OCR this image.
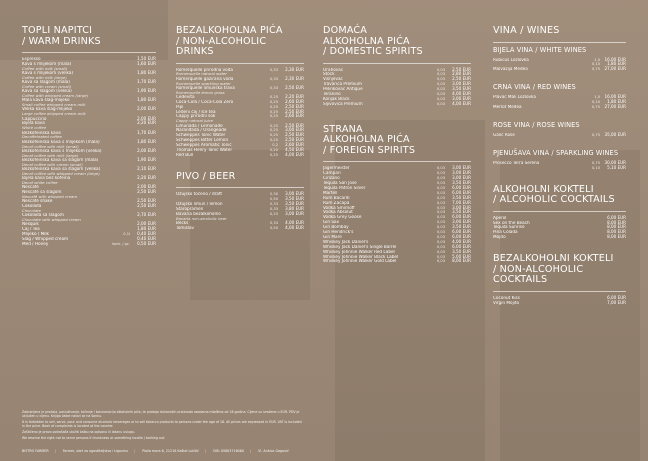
TOPLI NAPITCI
/ WARM DRINKS
Espresso	1,50 EUR
Kava s mlijekom (mala)
Coffee with milk (small)
1,60 EUR
Kava s mlijekom (velika)
Coffee with milk (large)
1,80 EUR
Kava sa šlagom (mala)
Coffee with cream (small)
1,70 EUR
Kava sa šlagom (velika)
Coffee with whipped cream (large)
1,90 EUR
Mala kava šlag-mlijeko
Small coffee whipped cream-milk
1,80 EUR
Velika kava šlag-mlijeko
Large coffee whipped cream-milk
2,00 EUR
Cappuccino	2,00 EUR
Bijela kava
White coffee
2,20 EUR
Bezkofeinska kava
Decaffeinated coffee
1,70 EUR
Bezkofeinska kava s mlijekom (mala)
Decaf coffee with milk (small)
1,80 EUR
Bezkofeinska kava s mlijekom (velika)
Decaf coffee with milk (large)
2,00 EUR
Bezkofeinska kava sa šlagom (mala)
Decaf coffee with cream (small)
1,90 EUR
Bezkofeinska kava sa šlagom (velika)
Decaf coffee with whipped cream (large)
2,10 EUR
Bijela kava bez kofeina
Decaf white coffee
2,20 EUR
Nescafé	2,00 EUR
Nescafé sa šlagom
Nescafé with whipped cream
2,50 EUR
Nescafé shake	2,50 EUR
Čokolada
Chocolate
2,50 EUR
Čokolada sa šlagom
Chocolate with whipped cream
2,70 EUR
Nesquik	2,00 EUR
Čaj / Tea	1,80 EUR
Mlijeko / Milk	0,1l	0,40 EUR
Šlag / Whipped cream	0,40 EUR
Med / Honey	kom. / pc.	0,50 EUR
BEZALKOHOLNA PIĆA
/ NON-ALCOHOLIC DRINKS
Romerquelle prirodna voda
Romerquelle natural water
0,33	2,30 EUR
Romerquelle gazirana voda
Romerquelle sparkling water
0,33	2,30 EUR
Romerquelle limunska trava
Romerquelle lemon grass
0,33	2,50 EUR
Cedevita	0,25	2,20 EUR
Coca-Cola / Coca-Cola Zero	0,25	2,60 EUR
Pipi	0,25	2,50 EUR
Ledeni čaj / Ice tea	0,25	2,50 EUR
Cappy prirodni sok
Cappy natural juice
0,25	2,60 EUR
Limunada / Lemonade	0,25	2,50 EUR
Naranđada / Orangeade	0,25	3,00 EUR
Schweppes Tonic Water	0,25	2,50 EUR
Schweppes Bitter Lemon	0,25	2,50 EUR
Schweppes Aromatic Tonic	0,2	2,60 EUR
Thomas Henry Tonic Water	0,20	4,50 EUR
Red Bull	0,25	4,00 EUR
PIVO / BEER
Ožujsko točeno / draft	0,30	3,00 EUR
0,50	3,50 EUR
Ožujsko limun / lemon	0,33	3,50 EUR
Staropramen	0,33	3,80 EUR
Bavaria bezalkoholno
Bavaria non-alcoholic beer
0,25	3,00 EUR
Becks	0,33	4,00 EUR
Tomislav	0,50	4,00 EUR
DOMAĆA
ALKOHOLNA PIĆA
/ DOMESTIC SPIRITS
Orahovac	0,03	2,50 EUR
Stock	0,03	2,80 EUR
Višnjevac	0,03	2,50 EUR
Travarica Premium	0,03	3,00 EUR
Pelinkovac Antique	0,03	3,50 EUR
Teranino	0,03	4,00 EUR
Konjak Black	0,03	3,00 EUR
Šljivovica Premium	0,03	4,00 EUR
STRANA
ALKOHOLNA PIĆA
/ FOREIGN SPIRITS
Jagermeister	0,03	3,00 EUR
Campari	0,03	3,00 EUR
Cinzano	0,03	3,00 EUR
Tequila San Jose	0,03	3,50 EUR
Tequila Patron Silver	0,03	6,00 EUR
Martell	0,03	6,00 EUR
Rum Bacardi	0,03	3,50 EUR
Rum Zacapa	0,03	7,00 EUR
Vodka Smirnoff	0,03	3,00 EUR
Vodka Absolut	0,03	3,50 EUR
Vodka Grey Goose	0,03	6,00 EUR
Gin Sax	0,03	3,00 EUR
Gin Bombay	0,03	3,50 EUR
Gin Hendrick's	0,03	6,00 EUR
Gin Mare	0,03	6,00 EUR
Whiskey Jack Daniel's	0,03	4,00 EUR
Whiskey Jack Daniel's Single Barrel	0,03	6,00 EUR
Whiskey Johnnie Walker Red Label	0,03	3,50 EUR
Whiskey Johnnie Walker Black Label	0,03	5,00 EUR
Whiskey Johnnie Walker Gold Label	0,03	8,00 EUR
VINA / WINES
BIJELA VINA / WHITE WINES
Rubicus Lozlovka	1,0	16,00 EUR
0,10	1,80 EUR
Malvazija Medea	0,75	27,00 EUR
CRNA VINA / RED WINES
Plavac Mali Lozlovka	1,0	16,00 EUR
0,10	1,80 EUR
Merlot Medea	0,75	27,00 EUR
ROSE VINA / ROSE WINES
Galić Rose	0,75	35,00 EUR
PJENUŠAVA VINA / SPARKLING WINES
Prosecco Terra Serena	0,75	30,00 EUR
0,10	5,10 EUR
ALKOHOLNI KOKTELI
/ ALCOHOLIC COCKTAILS
Aperol	6,00 EUR
Sex on the Beach	8,00 EUR
Tequila Sunrise	8,00 EUR
Pina Colada	8,00 EUR
Mojito	8,00 EUR
BEZALKOHOLNI KOKTELI
/ NON-ALCOHOLIC COCKTAILS
Coconut Kiss	6,00 EUR
Virgin Mojito	7,00 EUR

Zabranjena je prodaja, posluživanje, točenje i konzumacija alkoholnih pića, te prodaja duhanskih proizvoda osobama mlađima od 18 godina. Cijene su izražene u EUR. PDV je uključen u cijenu. Knjiga žalbe nalazi se na šanku.

It is forbidden to sell, serve, pour and consume alcoholic beverages or to sell tobacco products to persons under the age of 18. All prices are expressed in EUR. VAT is included in the price. Book of complaints is located at the counter.

Zaštićeno je pravo potrošača uložiti žalbu na opisanu ili izdanu uslugu.

We reserve the right not to serve persons if drunkness or something hostile / barking out.

BISTRO FARMER | Farmer, obrt za ugostiteljstvo i trgovinu | Plaža mora 6, 21218 Kaštel Lukšić | OIB: 05803716060 | Vl. Ankica Gagović
